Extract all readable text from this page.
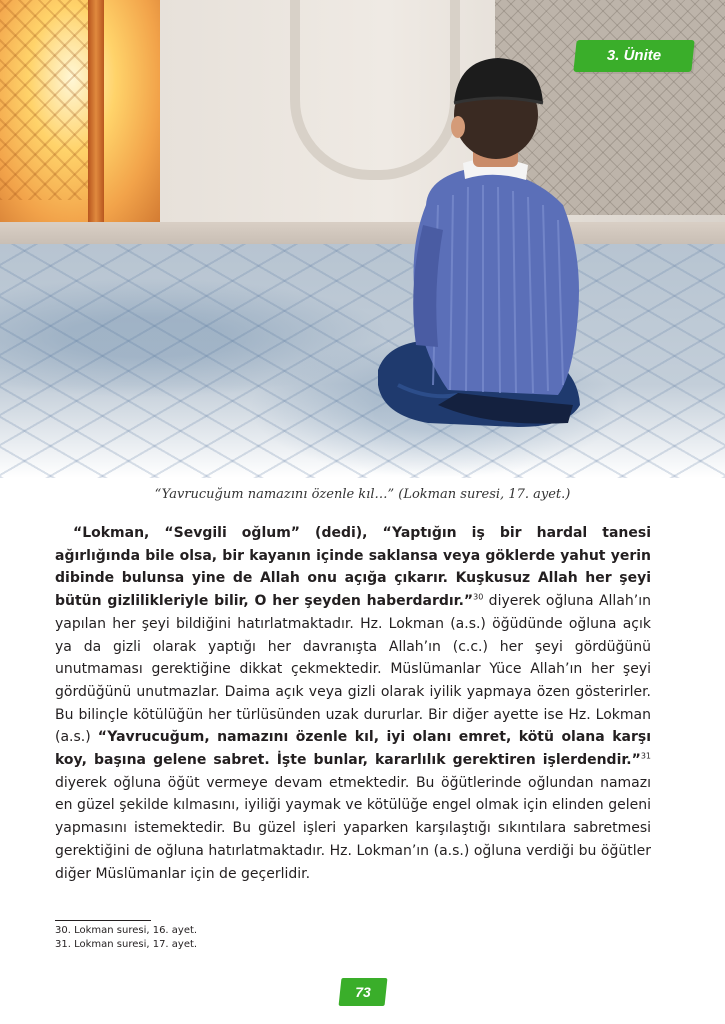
3. Ünite
“Yavrucuğum namazını özenle kıl…” (Lokman suresi, 17. ayet.)
“Lokman, “Sevgili oğlum” (dedi), “Yaptığın iş bir hardal tanesi ağırlığında bile olsa, bir kayanın içinde saklansa veya göklerde yahut yerin dibinde bulunsa yine de Allah onu açığa çıkarır. Kuşkusuz Allah her şeyi bütün gizlilikleriyle bilir, O her şeyden haberdardır.”$^{30}$ diyerek oğluna Allah’ın yapılan her şeyi bildiğini hatırlatmaktadır. Hz. Lokman (a.s.) öğüdünde oğluna açık ya da gizli olarak yaptığı her davranışta Allah’ın (c.c.) her şeyi gördüğünü unutmaması gerektiğine dikkat çekmektedir. Müslümanlar Yüce Allah’ın her şeyi gördüğünü unutmazlar. Daima açık veya gizli olarak iyilik yapmaya özen gösterirler. Bu bilinçle kötülüğün her türlüsünden uzak dururlar. Bir diğer ayette ise Hz. Lokman (a.s.) “Yavrucuğum, namazını özenle kıl, iyi olanı emret, kötü olana karşı koy, başına gelene sabret. İşte bunlar, kararlılık gerektiren işlerdendir.”$^{31}$ diyerek oğluna öğüt vermeye devam etmektedir. Bu öğütlerinde oğlundan namazı en güzel şekilde kılmasını, iyiliği yaymak ve kötülüğe engel olmak için elinden geleni yapmasını istemektedir. Bu güzel işleri yaparken karşılaştığı sıkıntılara sabretmesi gerektiğini de oğluna hatırlatmaktadır. Hz. Lokman’ın (a.s.) oğluna verdiği bu öğütler diğer Müslümanlar için de geçerlidir.
30. Lokman suresi, 16. ayet.
31. Lokman suresi, 17. ayet.
73
